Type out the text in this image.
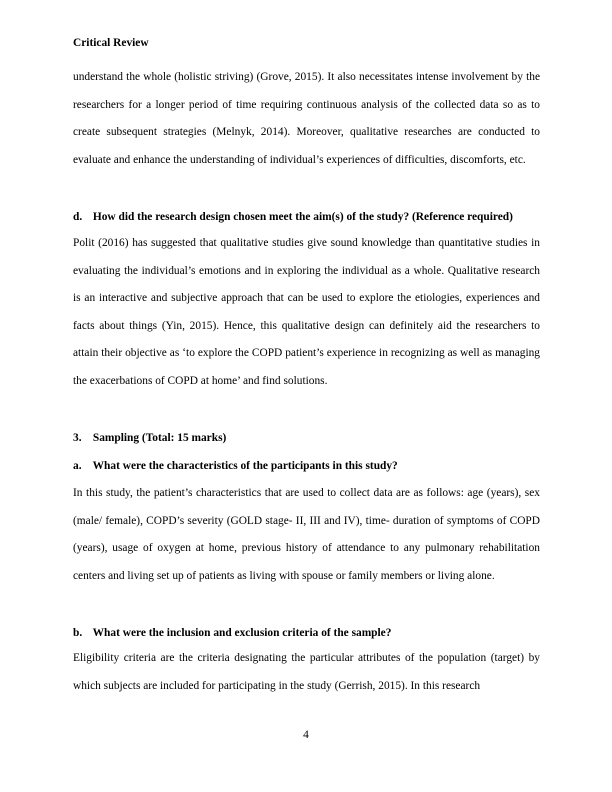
Critical Review

understand the whole (holistic striving) (Grove, 2015). It also necessitates intense involvement by the researchers for a longer period of time requiring continuous analysis of the collected data so as to create subsequent strategies (Melnyk, 2014). Moreover, qualitative researches are conducted to evaluate and enhance the understanding of individual’s experiences of difficulties, discomforts, etc.

d. How did the research design chosen meet the aim(s) of the study? (Reference required)

Polit (2016) has suggested that qualitative studies give sound knowledge than quantitative studies in evaluating the individual’s emotions and in exploring the individual as a whole. Qualitative research is an interactive and subjective approach that can be used to explore the etiologies, experiences and facts about things (Yin, 2015). Hence, this qualitative design can definitely aid the researchers to attain their objective as ‘to explore the COPD patient’s experience in recognizing as well as managing the exacerbations of COPD at home’ and find solutions.

3. Sampling (Total: 15 marks)
a. What were the characteristics of the participants in this study?

In this study, the patient’s characteristics that are used to collect data are as follows: age (years), sex (male/ female), COPD’s severity (GOLD stage- II, III and IV), time- duration of symptoms of COPD (years), usage of oxygen at home, previous history of attendance to any pulmonary rehabilitation centers and living set up of patients as living with spouse or family members or living alone.

b. What were the inclusion and exclusion criteria of the sample?

Eligibility criteria are the criteria designating the particular attributes of the population (target) by which subjects are included for participating in the study (Gerrish, 2015). In this research

4
